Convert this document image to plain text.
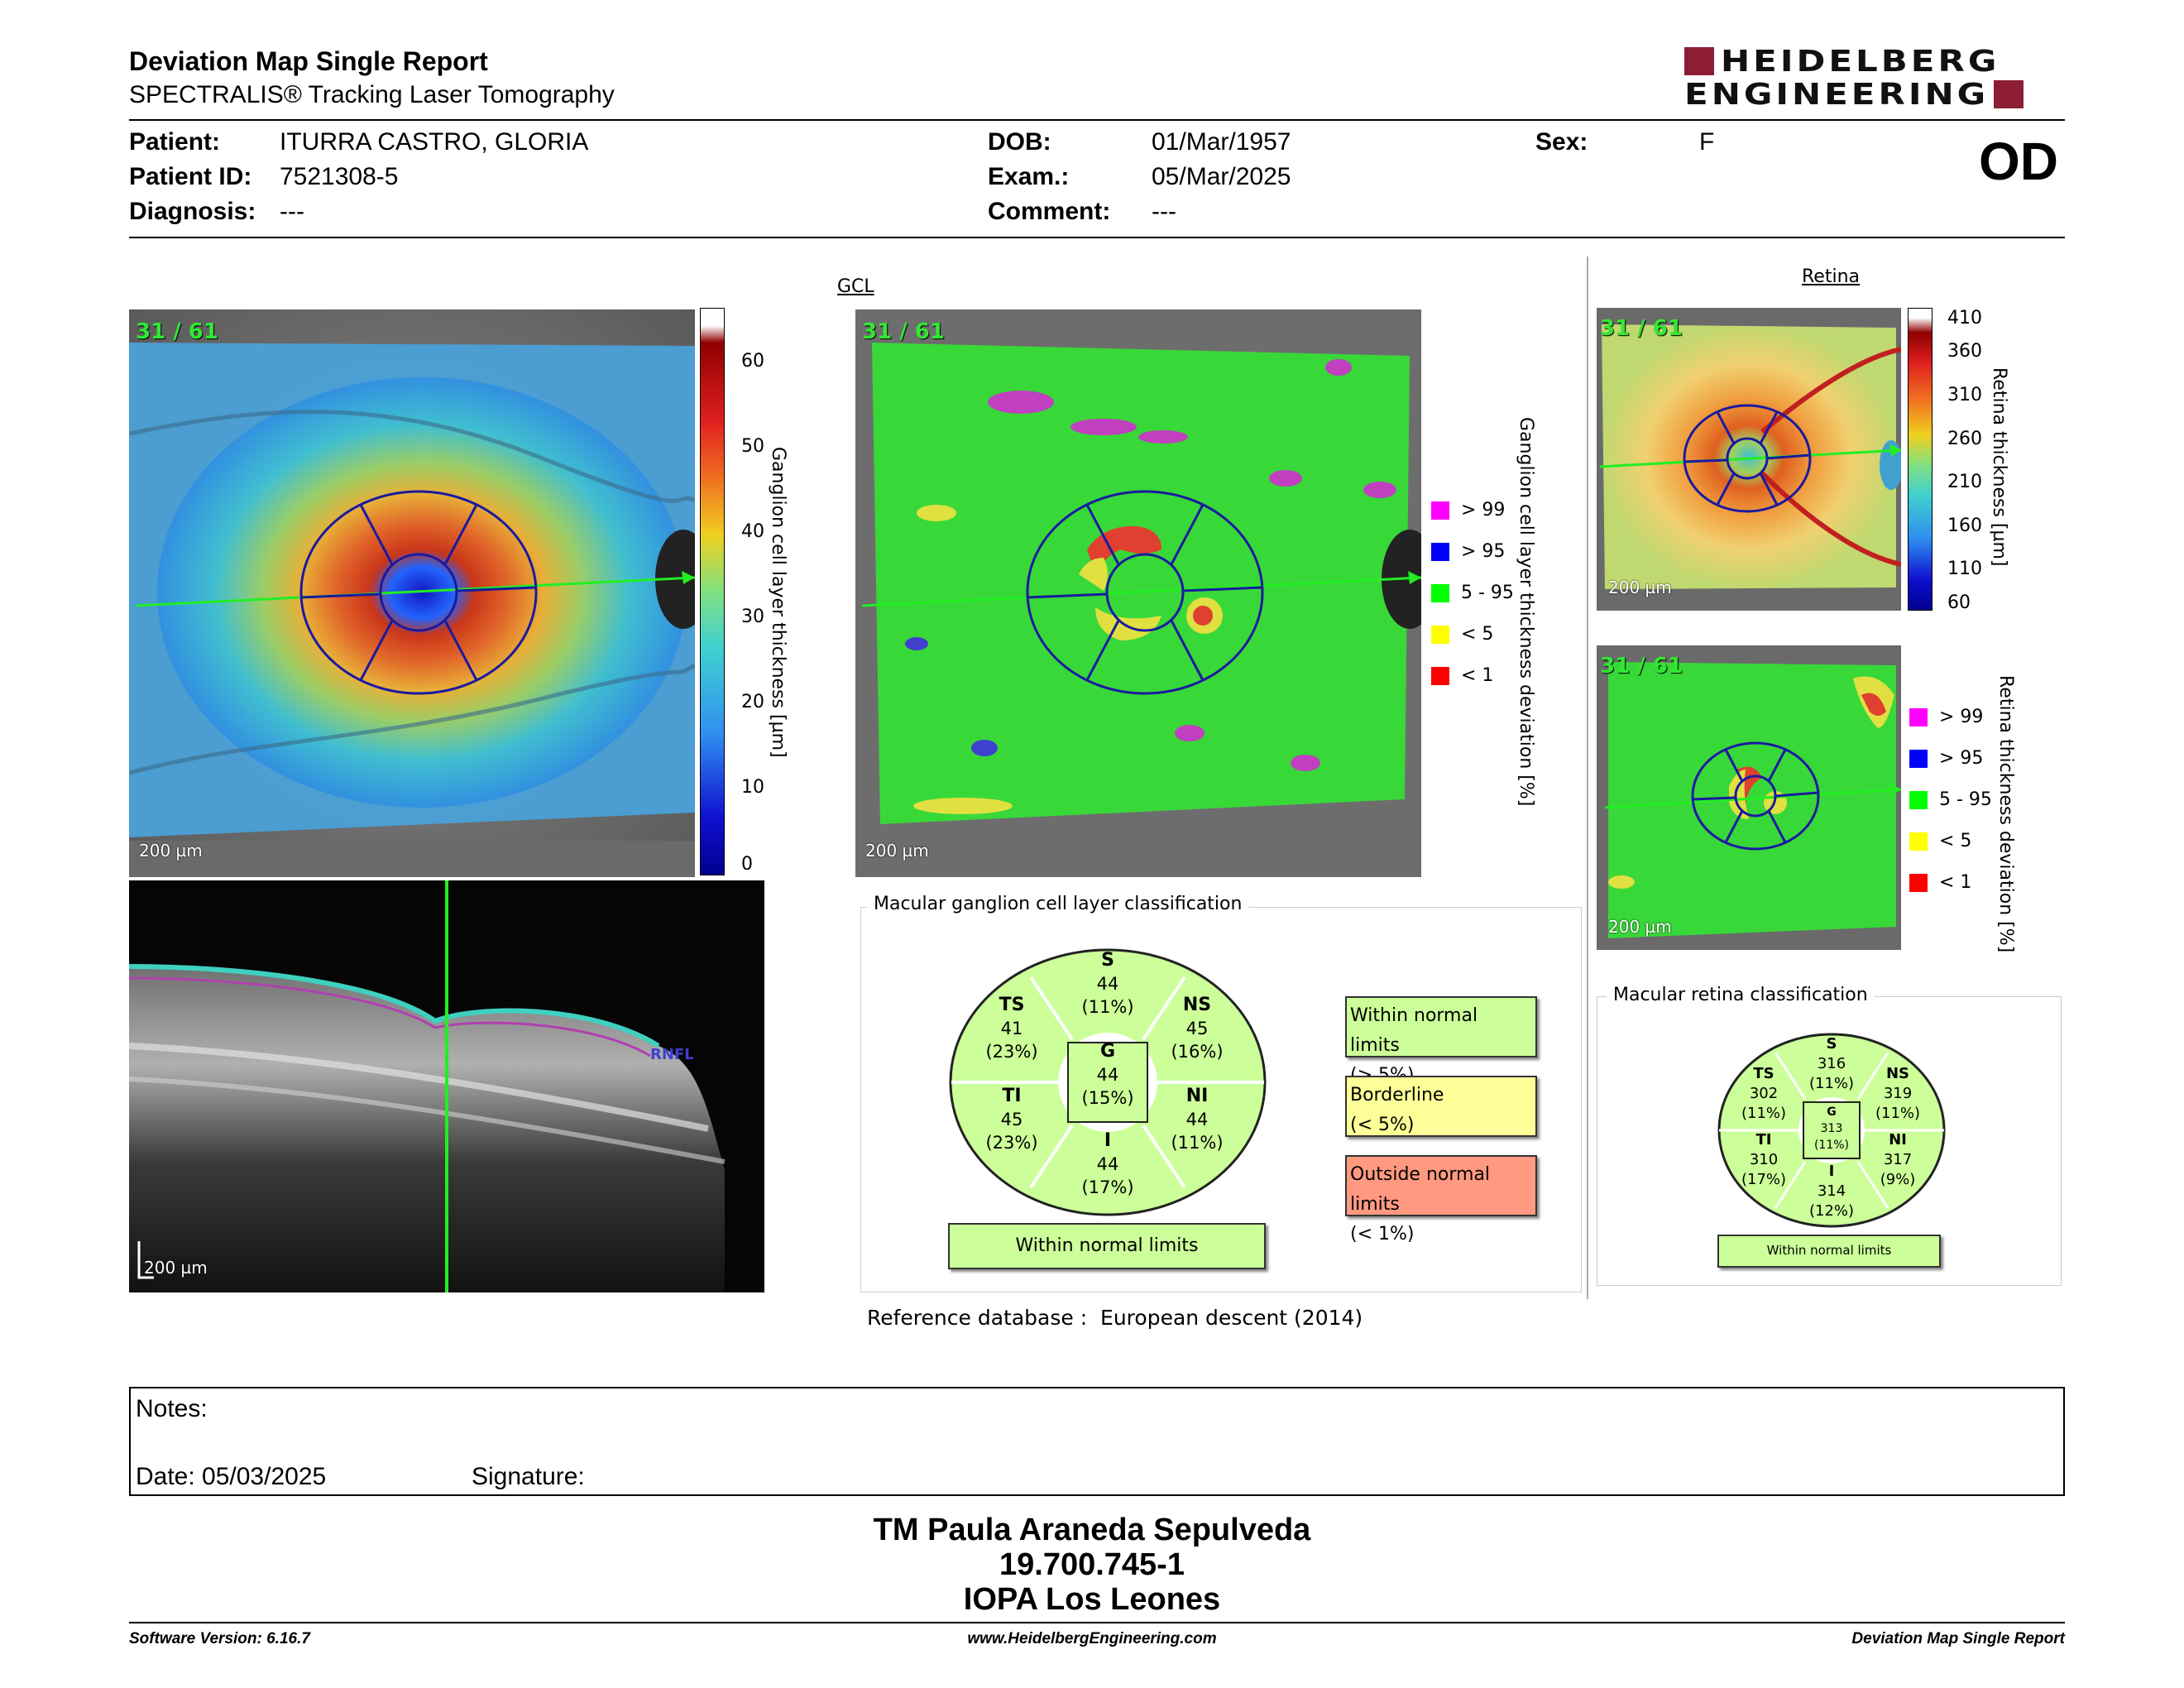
Deviation Map Single Report
SPECTRALIS® Tracking Laser Tomography
HEIDELBERG
ENGINEERING
Patient: ITURRA CASTRO, GLORIA
Patient ID: 7521308-5
Diagnosis: ---
DOB:	01/Mar/1957
Exam.:	05/Mar/2025
Comment: ---
Sex:	F	OD
GCL	Retina
31 / 61
200 µm
60
50
40
30
20
10
0
Ganglion cell layer thickness [µm]
31 / 61
200 µm
> 99
> 95
5 - 95
< 5
< 1 Ganglion cell layer thickness deviation [%]
RNFL
200 µm
Macular ganglion cell layer classification
S
44
(11%)
TS
41
(23%)
NS
45
(16%)
G
44
(15%)
TI
45
(23%)
NI
44
(11%)
I
44
(17%)
Within normal limits
Within normal limits

Borderline
(< 5%)
Outside normal limits
(< 1%)
Reference database : European descent (2014)
31 / 61
200 µm
410
360
310
260
210
160
110
60
Retina thickness [µm]
31 / 61
200 µm
> 99
> 95
5 - 95
< 5
< 1 Retina thickness deviation [%]
Macular retina classification
S
316
(11%)
TS
302
(11%)
NS
319
(11%)
G
313
(11%)
TI
310
(17%)
NI
317
(9%)
I
314
(12%)
Within normal limits
Notes:
Date: 05/03/2025	Signature:
TM Paula Araneda Sepulveda
19.700.745-1
IOPA Los Leones
Software Version: 6.16.7	www.HeidelbergEngineering.com	Deviation Map Single Report
